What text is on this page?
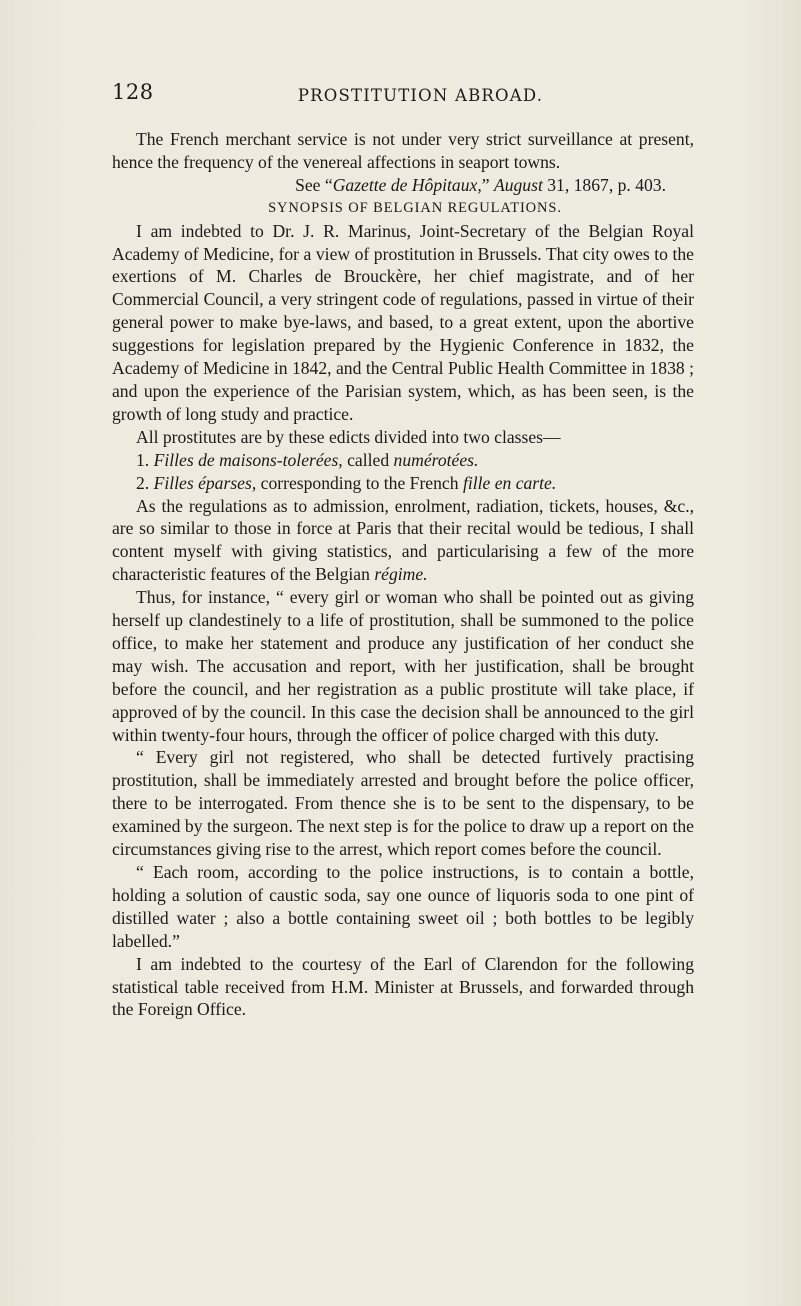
128	PROSTITUTION ABROAD.

The French merchant service is not under very strict surveillance at present, hence the frequency of the venereal affections in seaport towns.

See “Gazette de Hôpitaux,” August 31, 1867, p. 403.

SYNOPSIS OF BELGIAN REGULATIONS.

I am indebted to Dr. J. R. Marinus, Joint-Secretary of the Belgian Royal Academy of Medicine, for a view of prostitution in Brussels. That city owes to the exertions of M. Charles de Brouckère, her chief magistrate, and of her Commercial Council, a very stringent code of regulations, passed in virtue of their general power to make bye-laws, and based, to a great extent, upon the abortive suggestions for legislation prepared by the Hygienic Conference in 1832, the Academy of Medicine in 1842, and the Central Public Health Committee in 1838 ; and upon the experience of the Parisian system, which, as has been seen, is the growth of long study and practice.

All prostitutes are by these edicts divided into two classes—

1. Filles de maisons-tolerées, called numérotées.

2. Filles éparses, corresponding to the French fille en carte.

As the regulations as to admission, enrolment, radiation, tickets, houses, &c., are so similar to those in force at Paris that their recital would be tedious, I shall content myself with giving statistics, and particularising a few of the more characteristic features of the Belgian régime.

Thus, for instance, “ every girl or woman who shall be pointed out as giving herself up clandestinely to a life of prostitution, shall be summoned to the police office, to make her statement and produce any justification of her conduct she may wish. The accusation and report, with her justification, shall be brought before the council, and her registration as a public prostitute will take place, if approved of by the council. In this case the decision shall be announced to the girl within twenty-four hours, through the officer of police charged with this duty.

“ Every girl not registered, who shall be detected furtively practising prostitution, shall be immediately arrested and brought before the police officer, there to be interrogated. From thence she is to be sent to the dispensary, to be examined by the surgeon. The next step is for the police to draw up a report on the circumstances giving rise to the arrest, which report comes before the council.

“ Each room, according to the police instructions, is to contain a bottle, holding a solution of caustic soda, say one ounce of liquoris soda to one pint of distilled water ; also a bottle containing sweet oil ; both bottles to be legibly labelled.”

I am indebted to the courtesy of the Earl of Clarendon for the following statistical table received from H.M. Minister at Brussels, and forwarded through the Foreign Office.
